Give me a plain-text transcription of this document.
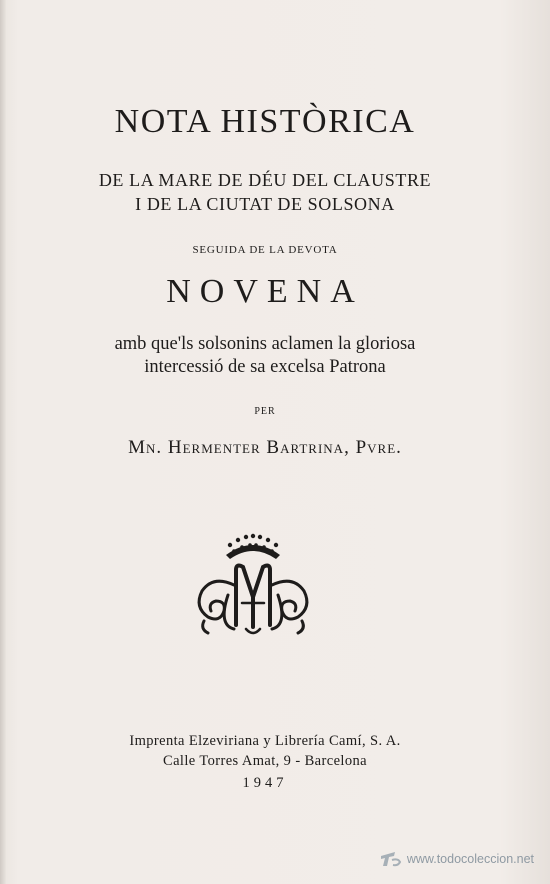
NOTA HISTÒRICA
DE LA MARE DE DÉU DEL CLAUSTRE
I DE LA CIUTAT DE SOLSONA
SEGUIDA DE LA DEVOTA
NOVENA
amb que'ls solsonins aclamen la gloriosa
intercessió de sa excelsa Patrona
PER
Mn. Hermenter Bartrina, Pvre.
Imprenta Elzeviriana y Librería Camí, S. A.
Calle Torres Amat, 9 - Barcelona
1947
www.todocoleccion.net
